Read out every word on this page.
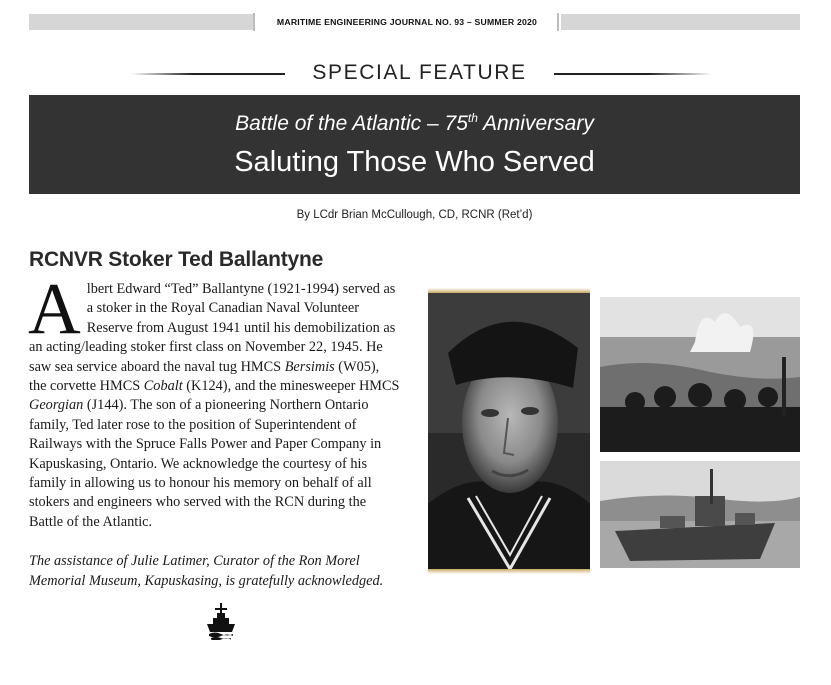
MARITIME ENGINEERING JOURNAL NO. 93 – SUMMER 2020
SPECIAL FEATURE
Battle of the Atlantic – 75th Anniversary
Saluting Those Who Served
By LCdr Brian McCullough, CD, RCNR (Ret’d)
RCNVR Stoker Ted Ballantyne
Albert Edward “Ted” Ballantyne (1921-1994) served as a stoker in the Royal Canadian Naval Volunteer Reserve from August 1941 until his demobilization as an acting/leading stoker first class on November 22, 1945. He saw sea service aboard the naval tug HMCS Bersimis (W05), the corvette HMCS Cobalt (K124), and the minesweeper HMCS Georgian (J144). The son of a pioneering Northern Ontario family, Ted later rose to the position of Superintendent of Railways with the Spruce Falls Power and Paper Company in Kapuskasing, Ontario. We acknowledge the courtesy of his family in allowing us to honour his memory on behalf of all stokers and engineers who served with the RCN during the Battle of the Atlantic.
The assistance of Julie Latimer, Curator of the Ron Morel Memorial Museum, Kapuskasing, is gratefully acknowledged.
